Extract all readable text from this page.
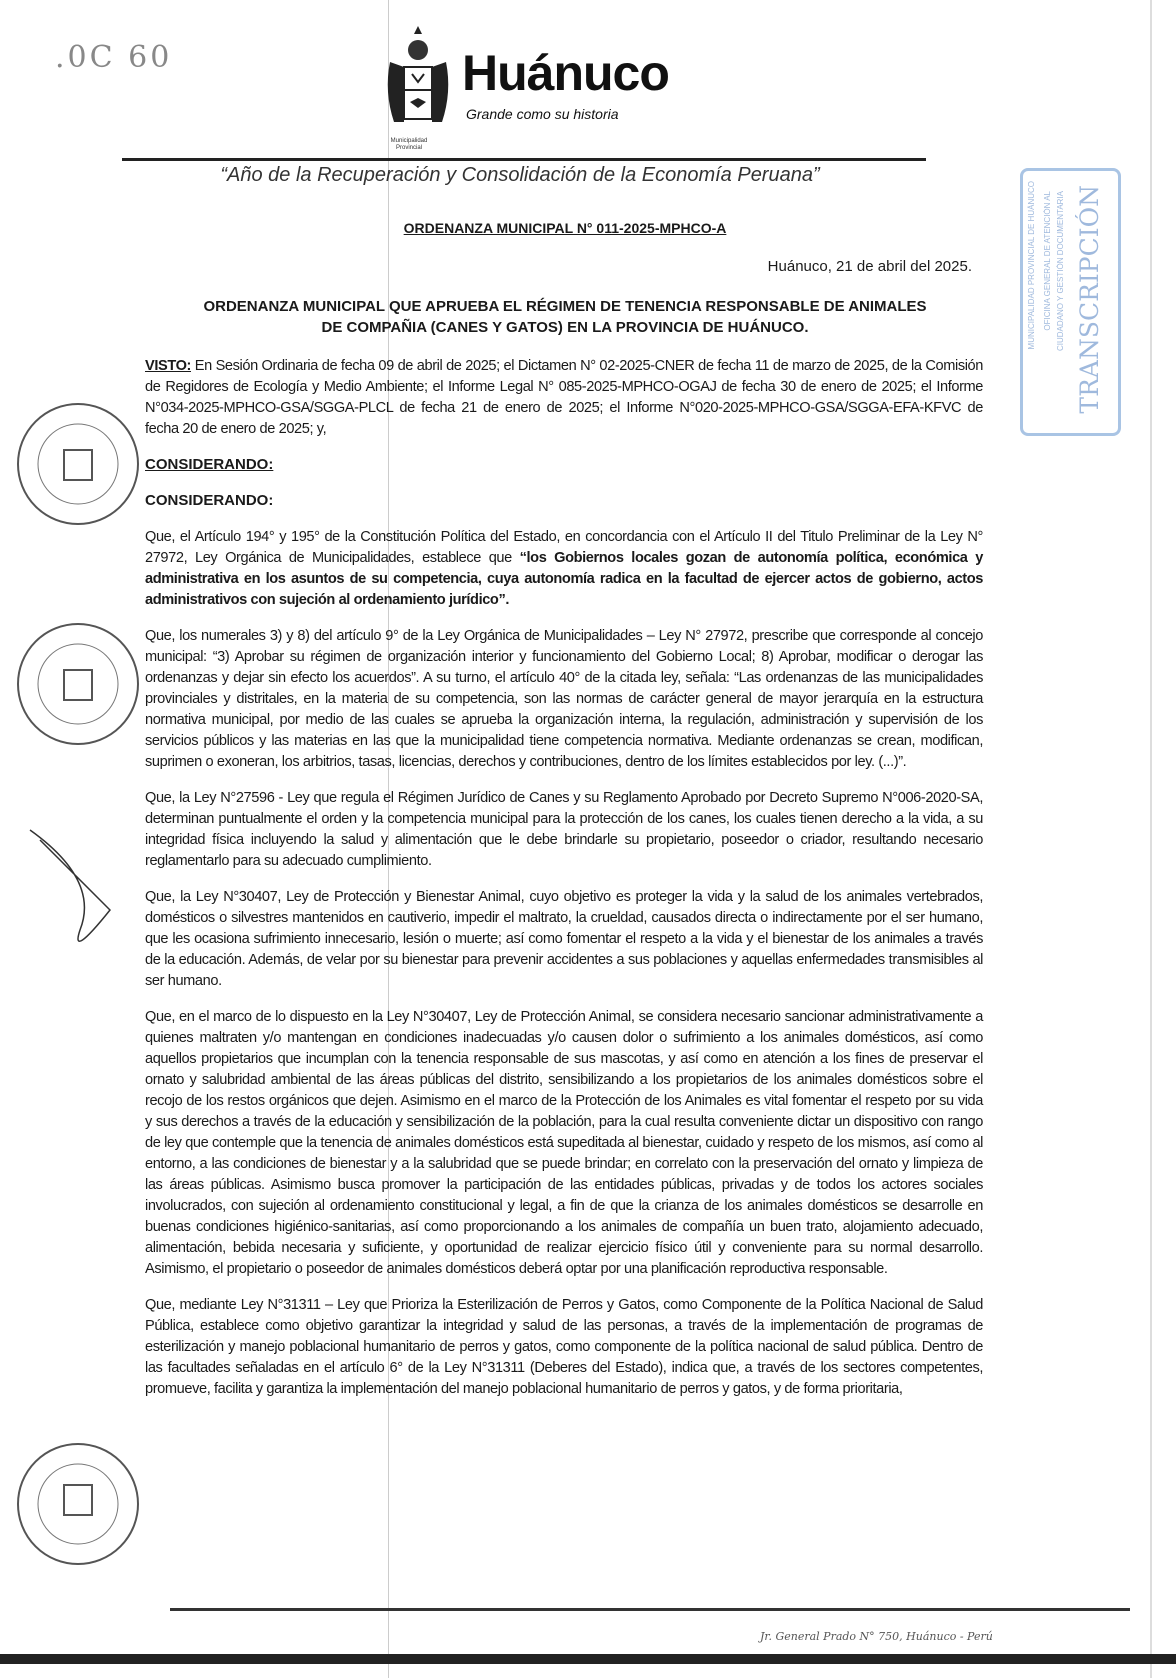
.0C 60
Municipalidad Provincial
Huánuco
Grande como su historia
“Año de la Recuperación y Consolidación de la Economía Peruana”
MUNICIPALIDAD PROVINCIAL DE HUÁNUCO OFICINA GENERAL DE ATENCIÓN AL CIUDADANO Y GESTIÓN DOCUMENTARIA TRANSCRIPCIÓN
ORDENANZA MUNICIPAL N° 011-2025-MPHCO-A
Huánuco, 21 de abril del 2025.
ORDENANZA MUNICIPAL QUE APRUEBA EL RÉGIMEN DE TENENCIA RESPONSABLE DE ANIMALES
DE COMPAÑIA (CANES Y GATOS) EN LA PROVINCIA DE HUÁNUCO.
VISTO: En Sesión Ordinaria de fecha 09 de abril de 2025; el Dictamen N° 02-2025-CNER de fecha 11 de marzo de 2025, de la Comisión de Regidores de Ecología y Medio Ambiente; el Informe Legal N° 085-2025-MPHCO-OGAJ de fecha 30 de enero de 2025; el Informe N°034-2025-MPHCO-GSA/SGGA-PLCL de fecha 21 de enero de 2025; el Informe N°020-2025-MPHCO-GSA/SGGA-EFA-KFVC de fecha 20 de enero de 2025; y,
CONSIDERANDO:
CONSIDERANDO:
Que, el Artículo 194° y 195° de la Constitución Política del Estado, en concordancia con el Artículo II del Titulo Preliminar de la Ley N° 27972, Ley Orgánica de Municipalidades, establece que “los Gobiernos locales gozan de autonomía política, económica y administrativa en los asuntos de su competencia, cuya autonomía radica en la facultad de ejercer actos de gobierno, actos administrativos con sujeción al ordenamiento jurídico”.
Que, los numerales 3) y 8) del artículo 9° de la Ley Orgánica de Municipalidades – Ley N° 27972, prescribe que corresponde al concejo municipal: “3) Aprobar su régimen de organización interior y funcionamiento del Gobierno Local; 8) Aprobar, modificar o derogar las ordenanzas y dejar sin efecto los acuerdos”. A su turno, el artículo 40° de la citada ley, señala: “Las ordenanzas de las municipalidades provinciales y distritales, en la materia de su competencia, son las normas de carácter general de mayor jerarquía en la estructura normativa municipal, por medio de las cuales se aprueba la organización interna, la regulación, administración y supervisión de los servicios públicos y las materias en las que la municipalidad tiene competencia normativa. Mediante ordenanzas se crean, modifican, suprimen o exoneran, los arbitrios, tasas, licencias, derechos y contribuciones, dentro de los límites establecidos por ley. (...)”.
Que, la Ley N°27596 - Ley que regula el Régimen Jurídico de Canes y su Reglamento Aprobado por Decreto Supremo N°006-2020-SA, determinan puntualmente el orden y la competencia municipal para la protección de los canes, los cuales tienen derecho a la vida, a su integridad física incluyendo la salud y alimentación que le debe brindarle su propietario, poseedor o criador, resultando necesario reglamentarlo para su adecuado cumplimiento.
Que, la Ley N°30407, Ley de Protección y Bienestar Animal, cuyo objetivo es proteger la vida y la salud de los animales vertebrados, domésticos o silvestres mantenidos en cautiverio, impedir el maltrato, la crueldad, causados directa o indirectamente por el ser humano, que les ocasiona sufrimiento innecesario, lesión o muerte; así como fomentar el respeto a la vida y el bienestar de los animales a través de la educación. Además, de velar por su bienestar para prevenir accidentes a sus poblaciones y aquellas enfermedades transmisibles al ser humano.
Que, en el marco de lo dispuesto en la Ley N°30407, Ley de Protección Animal, se considera necesario sancionar administrativamente a quienes maltraten y/o mantengan en condiciones inadecuadas y/o causen dolor o sufrimiento a los animales domésticos, así como aquellos propietarios que incumplan con la tenencia responsable de sus mascotas, y así como en atención a los fines de preservar el ornato y salubridad ambiental de las áreas públicas del distrito, sensibilizando a los propietarios de los animales domésticos sobre el recojo de los restos orgánicos que dejen. Asimismo en el marco de la Protección de los Animales es vital fomentar el respeto por su vida y sus derechos a través de la educación y sensibilización de la población, para la cual resulta conveniente dictar un dispositivo con rango de ley que contemple que la tenencia de animales domésticos está supeditada al bienestar, cuidado y respeto de los mismos, así como al entorno, a las condiciones de bienestar y a la salubridad que se puede brindar; en correlato con la preservación del ornato y limpieza de las áreas públicas. Asimismo busca promover la participación de las entidades públicas, privadas y de todos los actores sociales involucrados, con sujeción al ordenamiento constitucional y legal, a fin de que la crianza de los animales domésticos se desarrolle en buenas condiciones higiénico-sanitarias, así como proporcionando a los animales de compañía un buen trato, alojamiento adecuado, alimentación, bebida necesaria y suficiente, y oportunidad de realizar ejercicio físico útil y conveniente para su normal desarrollo. Asimismo, el propietario o poseedor de animales domésticos deberá optar por una planificación reproductiva responsable.
Que, mediante Ley N°31311 – Ley que Prioriza la Esterilización de Perros y Gatos, como Componente de la Política Nacional de Salud Pública, establece como objetivo garantizar la integridad y salud de las personas, a través de la implementación de programas de esterilización y manejo poblacional humanitario de perros y gatos, como componente de la política nacional de salud pública. Dentro de las facultades señaladas en el artículo 6° de la Ley N°31311 (Deberes del Estado), indica que, a través de los sectores competentes, promueve, facilita y garantiza la implementación del manejo poblacional humanitario de perros y gatos, y de forma prioritaria,
Jr. General Prado N° 750, Huánuco - Perú
